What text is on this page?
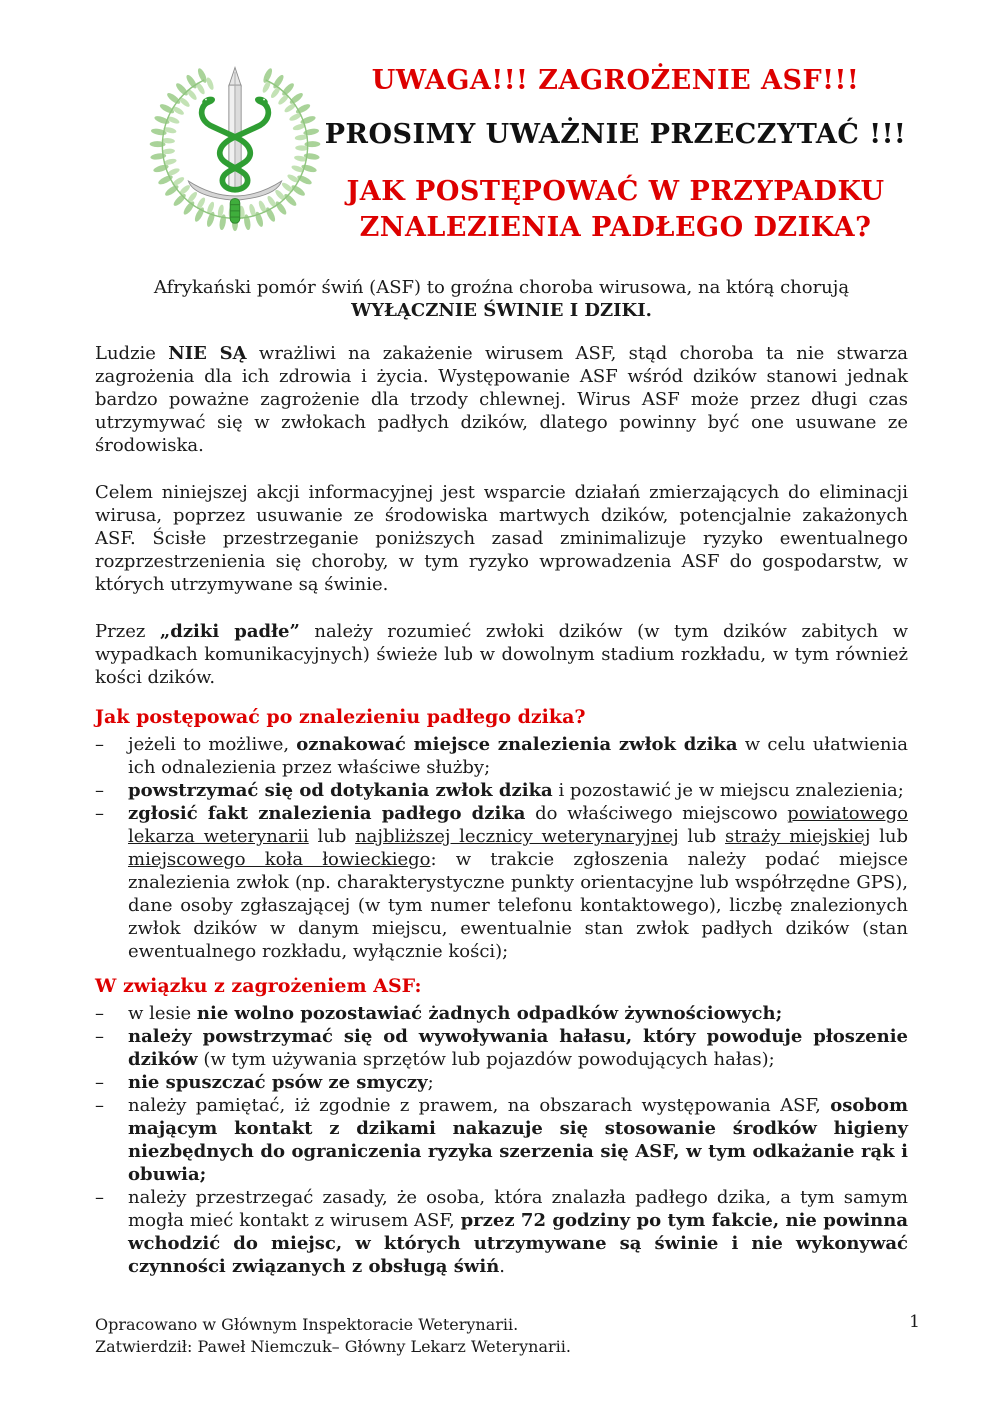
UWAGA!!! ZAGROŻENIE ASF!!!
PROSIMY UWAŻNIE PRZECZYTAĆ !!!
JAK POSTĘPOWAĆ W PRZYPADKU
ZNALEZIENIA PADŁEGO DZIKA?

Afrykański pomór świń (ASF) to groźna choroba wirusowa, na którą chorują
WYŁĄCZNIE ŚWINIE I DZIKI.

Ludzie NIE SĄ wrażliwi na zakażenie wirusem ASF, stąd choroba ta nie stwarza zagrożenia dla ich zdrowia i życia. Występowanie ASF wśród dzików stanowi jednak bardzo poważne zagrożenie dla trzody chlewnej. Wirus ASF może przez długi czas utrzymywać się w zwłokach padłych dzików, dlatego powinny być one usuwane ze środowiska.

Celem niniejszej akcji informacyjnej jest wsparcie działań zmierzających do eliminacji wirusa, poprzez usuwanie ze środowiska martwych dzików, potencjalnie zakażonych ASF. Ścisłe przestrzeganie poniższych zasad zminimalizuje ryzyko ewentualnego rozprzestrzenienia się choroby, w tym ryzyko wprowadzenia ASF do gospodarstw, w których utrzymywane są świnie.

Przez „dziki padłe” należy rozumieć zwłoki dzików (w tym dzików zabitych w wypadkach komunikacyjnych) świeże lub w dowolnym stadium rozkładu, w tym również kości dzików.

Jak postępować po znalezieniu padłego dzika?
– jeżeli to możliwe, oznakować miejsce znalezienia zwłok dzika w celu ułatwienia ich odnalezienia przez właściwe służby;
– powstrzymać się od dotykania zwłok dzika i pozostawić je w miejscu znalezienia;
– zgłosić fakt znalezienia padłego dzika do właściwego miejscowo powiatowego lekarza weterynarii lub najbliższej lecznicy weterynaryjnej lub straży miejskiej lub miejscowego koła łowieckiego: w trakcie zgłoszenia należy podać miejsce znalezienia zwłok (np. charakterystyczne punkty orientacyjne lub współrzędne GPS), dane osoby zgłaszającej (w tym numer telefonu kontaktowego), liczbę znalezionych zwłok dzików w danym miejscu, ewentualnie stan zwłok padłych dzików (stan ewentualnego rozkładu, wyłącznie kości);
W związku z zagrożeniem ASF:
– w lesie nie wolno pozostawiać żadnych odpadków żywnościowych;
– należy powstrzymać się od wywoływania hałasu, który powoduje płoszenie dzików (w tym używania sprzętów lub pojazdów powodujących hałas);
– nie spuszczać psów ze smyczy;
– należy pamiętać, iż zgodnie z prawem, na obszarach występowania ASF, osobom mającym kontakt z dzikami nakazuje się stosowanie środków higieny niezbędnych do ograniczenia ryzyka szerzenia się ASF, w tym odkażanie rąk i obuwia;
– należy przestrzegać zasady, że osoba, która znalazła padłego dzika, a tym samym mogła mieć kontakt z wirusem ASF, przez 72 godziny po tym fakcie, nie powinna wchodzić do miejsc, w których utrzymywane są świnie i nie wykonywać czynności związanych z obsługą świń.
Opracowano w Głównym Inspektoracie Weterynarii.
Zatwierdził: Paweł Niemczuk– Główny Lekarz Weterynarii.
1
